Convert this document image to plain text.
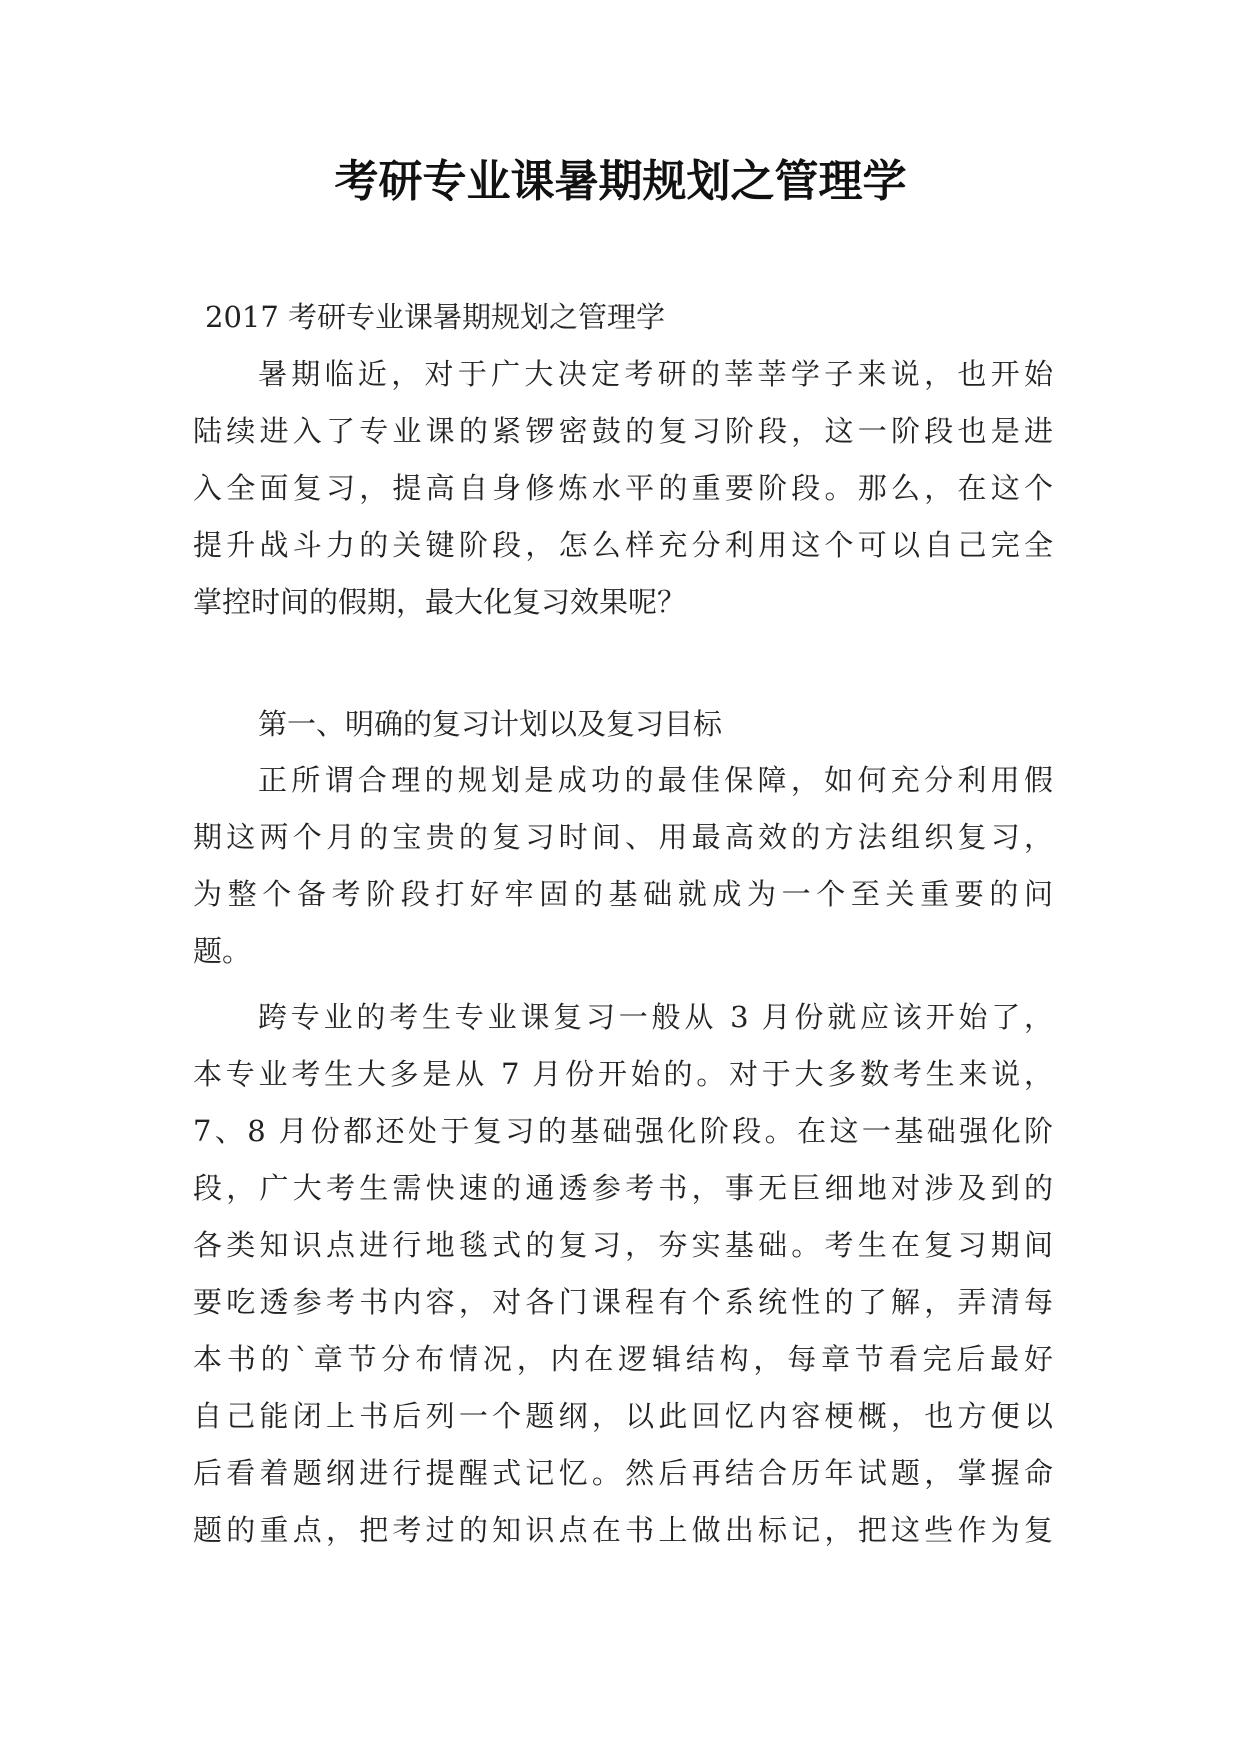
考研专业课暑期规划之管理学
2017 考研专业课暑期规划之管理学
暑期临近，对于广大决定考研的莘莘学子来说，也开始
陆续进入了专业课的紧锣密鼓的复习阶段，这一阶段也是进
入全面复习，提高自身修炼水平的重要阶段。那么，在这个
提升战斗力的关键阶段，怎么样充分利用这个可以自己完全
掌控时间的假期，最大化复习效果呢？
第一、明确的复习计划以及复习目标
正所谓合理的规划是成功的最佳保障，如何充分利用假
期这两个月的宝贵的复习时间、用最高效的方法组织复习，
为整个备考阶段打好牢固的基础就成为一个至关重要的问
题。
跨专业的考生专业课复习一般从 3 月份就应该开始了，
本专业考生大多是从 7 月份开始的。对于大多数考生来说，
7、8 月份都还处于复习的基础强化阶段。在这一基础强化阶
段，广大考生需快速的通透参考书，事无巨细地对涉及到的
各类知识点进行地毯式的复习，夯实基础。考生在复习期间
要吃透参考书内容，对各门课程有个系统性的了解，弄清每
本书的`章节分布情况，内在逻辑结构，每章节看完后最好
自己能闭上书后列一个题纲，以此回忆内容梗概，也方便以
后看着题纲进行提醒式记忆。然后再结合历年试题，掌握命
题的重点，把考过的知识点在书上做出标记，把这些作为复
